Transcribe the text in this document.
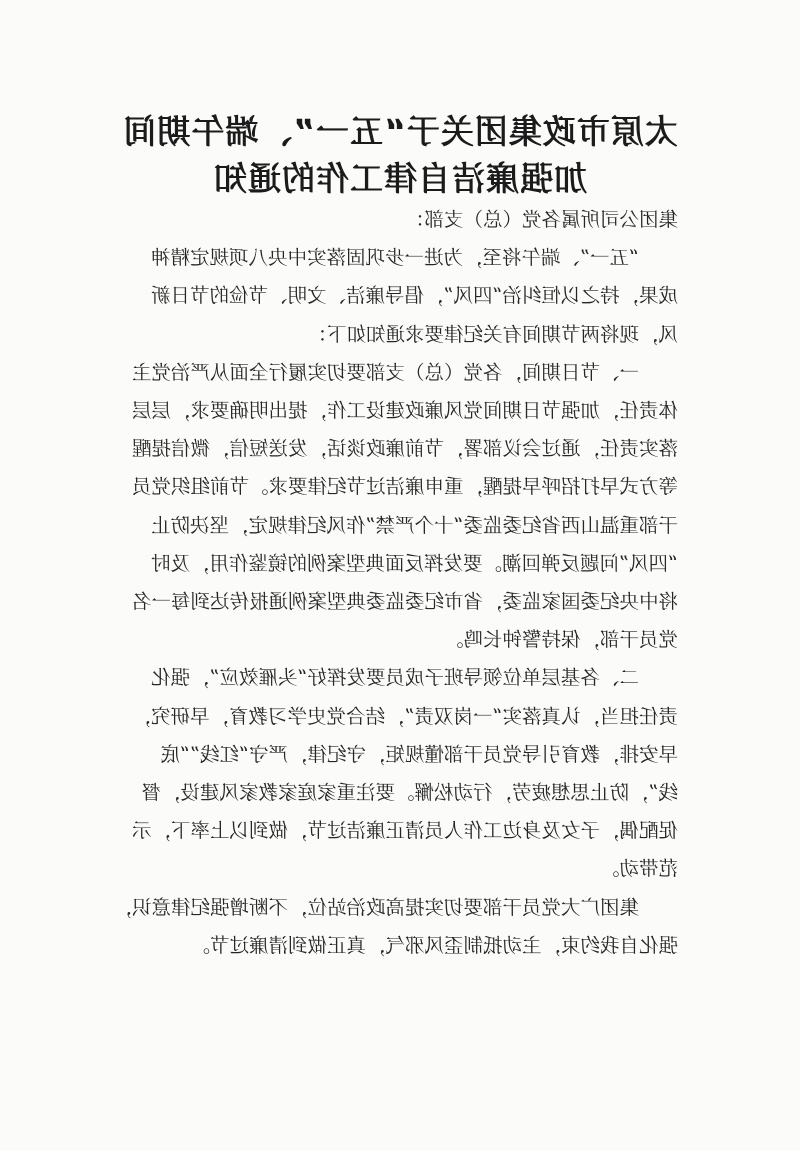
太原市政集团关于“五一”、端午期间
加强廉洁自律工作的通知
集团公司所属各党（总）支部：
“五一”、端午将至，为进一步巩固落实中央八项规定精神
成果，持之以恒纠治“四风”，倡导廉洁、文明、节俭的节日新
风，现将两节期间有关纪律要求通知如下：
一、节日期间，各党（总）支部要切实履行全面从严治党主
体责任，加强节日期间党风廉政建设工作，提出明确要求，层层
落实责任，通过会议部署，节前廉政谈话，发送短信，微信提醒
等方式早打招呼早提醒，重申廉洁过节纪律要求。节前组织党员
干部重温山西省纪委监委“十个严禁”作风纪律规定，坚决防止
“四风”问题反弹回潮。要发挥反面典型案例的镜鉴作用，及时
将中央纪委国家监委，省市纪委监委典型案例通报传达到每一名
党员干部，保持警钟长鸣。
二、各基层单位领导班子成员要发挥好“头雁效应”，强化
责任担当，认真落实“一岗双责”，结合党史学习教育，早研究，
早安排，教育引导党员干部懂规矩，守纪律，严守“红线”“底
线”，防止思想疲劳，行动松懈。要注重家庭家教家风建设，督
促配偶，子女及身边工作人员清正廉洁过节，做到以上率下，示
范带动。
集团广大党员干部要切实提高政治站位，不断增强纪律意识，
强化自我约束，主动抵制歪风邪气，真正做到清廉过节。
